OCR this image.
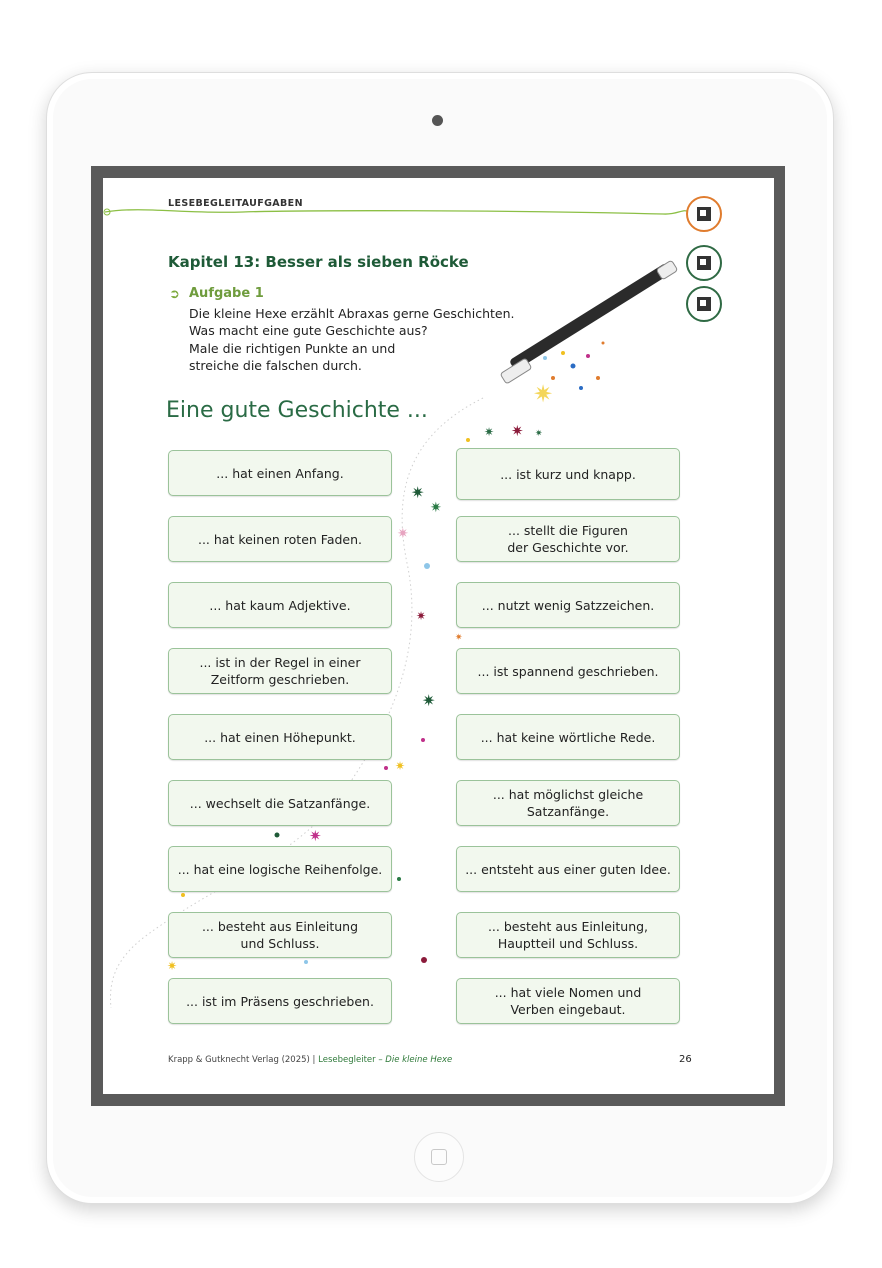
✷
✷
✷	✷
✷
✷
✷
✷
✷
✷
✷
✷
✷
LESEBEGLEITAUFGABEN
Kapitel 13: Besser als sieben Röcke
➲ Aufgabe 1
Die kleine Hexe erzählt Abraxas gerne Geschichten.
Was macht eine gute Geschichte aus?
Male die richtigen Punkte an und
streiche die falschen durch.
Eine gute Geschichte ...
... hat einen Anfang.
... hat keinen roten Faden.
... hat kaum Adjektive.
... ist in der Regel in einer
Zeitform geschrieben.
... hat einen Höhepunkt.
... wechselt die Satzanfänge.
... hat eine logische Reihenfolge.
... besteht aus Einleitung
und Schluss.
... ist im Präsens geschrieben.
... ist kurz und knapp.
... stellt die Figuren
der Geschichte vor.
... nutzt wenig Satzzeichen.
... ist spannend geschrieben.
... hat keine wörtliche Rede.
... hat möglichst gleiche
Satzanfänge.
... entsteht aus einer guten Idee.
... besteht aus Einleitung,
Hauptteil und Schluss.
... hat viele Nomen und
Verben eingebaut.
Krapp & Gutknecht Verlag (2025) | Lesebegleiter – Die kleine Hexe	26
